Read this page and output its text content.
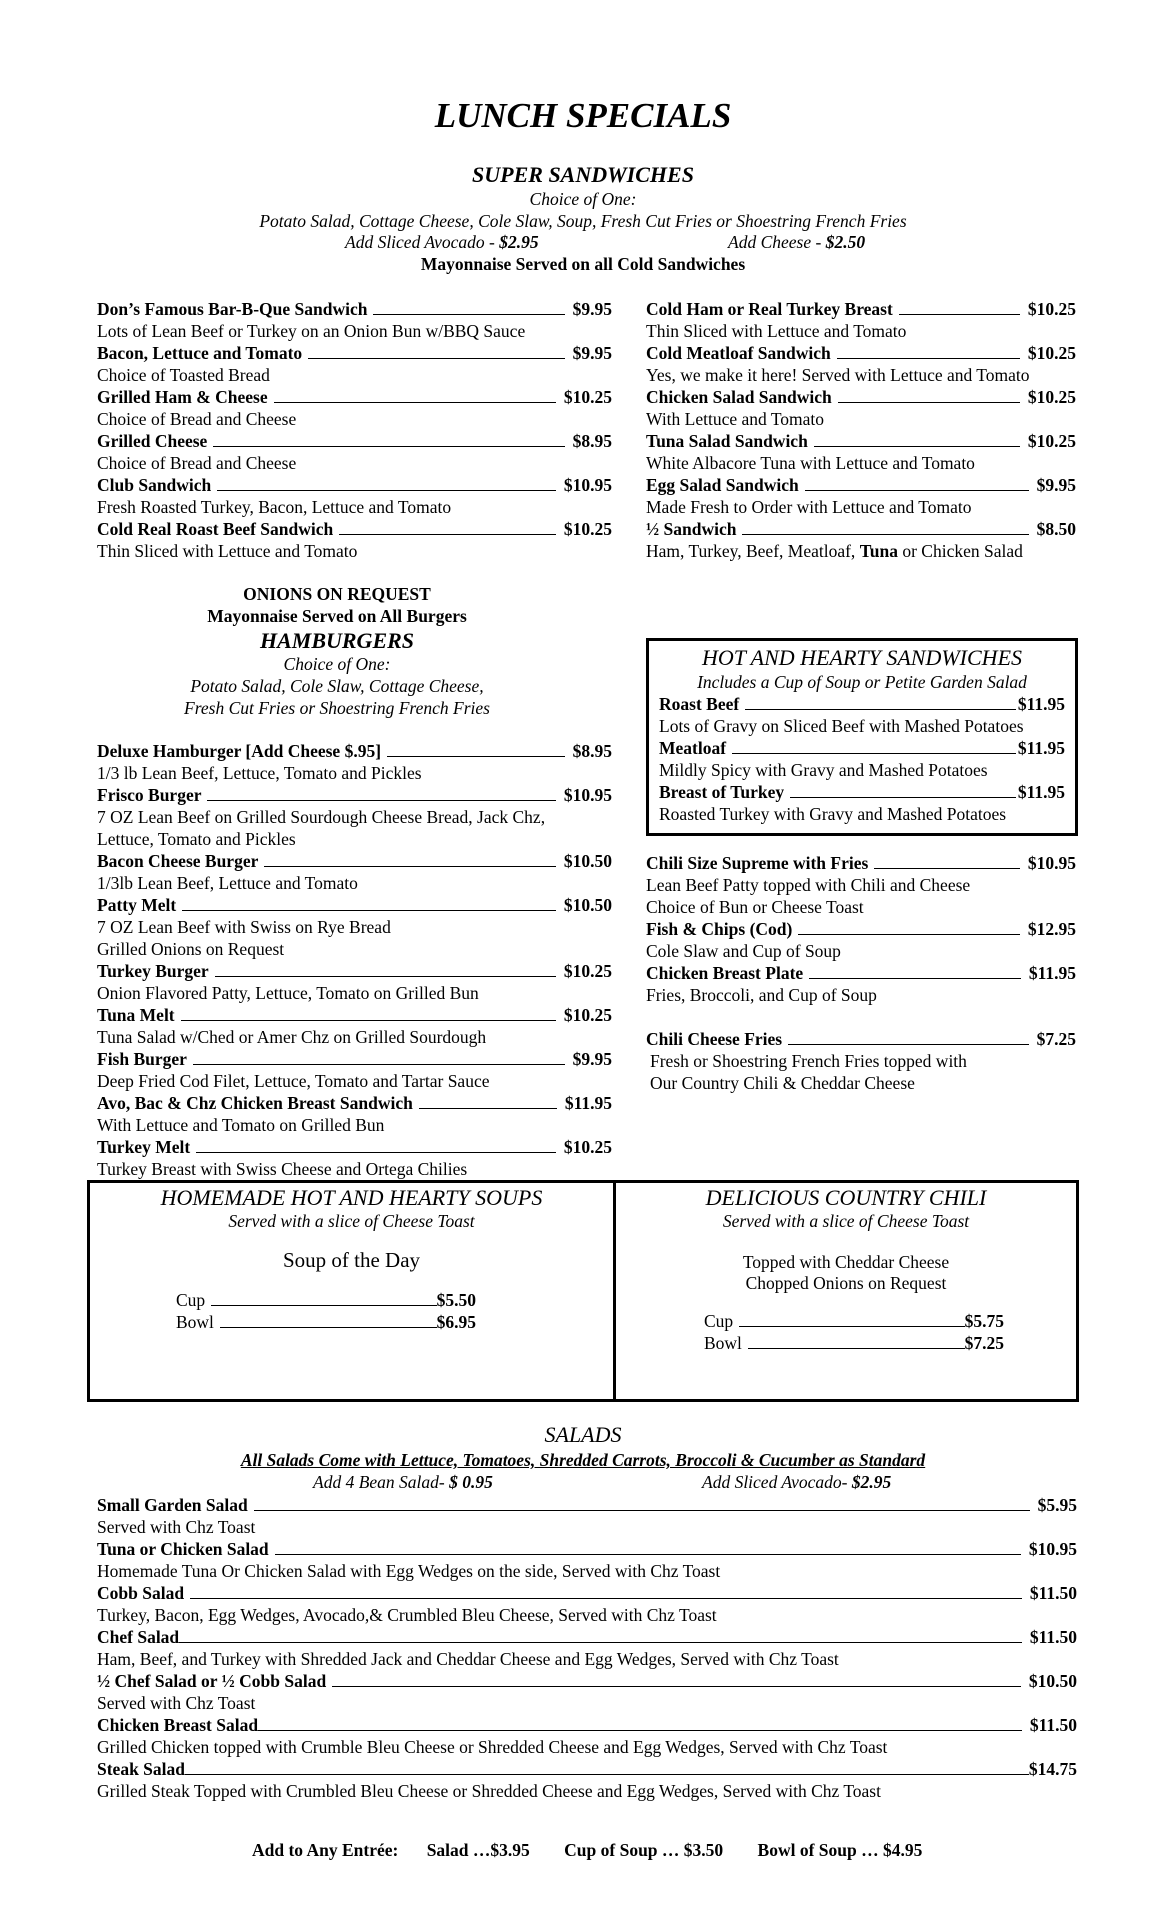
LUNCH SPECIALS
SUPER SANDWICHES
Choice of One:
Potato Salad, Cottage Cheese, Cole Slaw, Soup, Fresh Cut Fries or Shoestring French Fries
Add Sliced Avocado - $2.95	Add Cheese - $2.50
Mayonnaise Served on all Cold Sandwiches
Don’s Famous Bar-B-Que Sandwich	$9.95
Lots of Lean Beef or Turkey on an Onion Bun w/BBQ Sauce
Bacon, Lettuce and Tomato	$9.95
Choice of Toasted Bread
Grilled Ham & Cheese	$10.25
Choice of Bread and Cheese
Grilled Cheese	$8.95
Choice of Bread and Cheese
Club Sandwich	$10.95
Fresh Roasted Turkey, Bacon, Lettuce and Tomato
Cold Real Roast Beef Sandwich	$10.25
Thin Sliced with Lettuce and Tomato
Cold Ham or Real Turkey Breast	$10.25
Thin Sliced with Lettuce and Tomato
Cold Meatloaf Sandwich	$10.25
Yes, we make it here! Served with Lettuce and Tomato
Chicken Salad Sandwich	$10.25
With Lettuce and Tomato
Tuna Salad Sandwich	$10.25
White Albacore Tuna with Lettuce and Tomato
Egg Salad Sandwich	$9.95
Made Fresh to Order with Lettuce and Tomato
½ Sandwich	$8.50
Ham, Turkey, Beef, Meatloaf, Tuna or Chicken Salad
ONIONS ON REQUEST
Mayonnaise Served on All Burgers
HAMBURGERS
Choice of One:
Potato Salad, Cole Slaw, Cottage Cheese,
Fresh Cut Fries or Shoestring French Fries
Deluxe Hamburger [Add Cheese $.95]	$8.95
1/3 lb Lean Beef, Lettuce, Tomato and Pickles
Frisco Burger	$10.95
7 OZ Lean Beef on Grilled Sourdough Cheese Bread, Jack Chz,
Lettuce, Tomato and Pickles
Bacon Cheese Burger	$10.50
1/3lb Lean Beef, Lettuce and Tomato
Patty Melt	$10.50
7 OZ Lean Beef with Swiss on Rye Bread
Grilled Onions on Request
Turkey Burger	$10.25
Onion Flavored Patty, Lettuce, Tomato on Grilled Bun
Tuna Melt	$10.25
Tuna Salad w/Ched or Amer Chz on Grilled Sourdough
Fish Burger	$9.95
Deep Fried Cod Filet, Lettuce, Tomato and Tartar Sauce
Avo, Bac & Chz Chicken Breast Sandwich	$11.95
With Lettuce and Tomato on Grilled Bun
Turkey Melt	$10.25
Turkey Breast with Swiss Cheese and Ortega Chilies
HOT AND HEARTY SANDWICHES
Includes a Cup of Soup or Petite Garden Salad
Roast Beef	$11.95
Lots of Gravy on Sliced Beef with Mashed Potatoes
Meatloaf	$11.95
Mildly Spicy with Gravy and Mashed Potatoes
Breast of Turkey	$11.95
Roasted Turkey with Gravy and Mashed Potatoes
Chili Size Supreme with Fries	$10.95
Lean Beef Patty topped with Chili and Cheese
Choice of Bun or Cheese Toast
Fish & Chips (Cod)	$12.95
Cole Slaw and Cup of Soup
Chicken Breast Plate	$11.95
Fries, Broccoli, and Cup of Soup
Chili Cheese Fries	$7.25
Fresh or Shoestring French Fries topped with
Our Country Chili & Cheddar Cheese
HOMEMADE HOT AND HEARTY SOUPS
Served with a slice of Cheese Toast
Soup of the Day
Cup	$5.50
Bowl	$6.95
DELICIOUS COUNTRY CHILI
Served with a slice of Cheese Toast
Topped with Cheddar Cheese
Chopped Onions on Request
Cup	$5.75
Bowl	$7.25
SALADS
All Salads Come with Lettuce, Tomatoes, Shredded Carrots, Broccoli & Cucumber as Standard
Add 4 Bean Salad- $ 0.95	Add Sliced Avocado- $2.95
Small Garden Salad	$5.95
Served with Chz Toast
Tuna or Chicken Salad	$10.95
Homemade Tuna Or Chicken Salad with Egg Wedges on the side, Served with Chz Toast
Cobb Salad	$11.50
Turkey, Bacon, Egg Wedges, Avocado,& Crumbled Bleu Cheese, Served with Chz Toast
Chef Salad	$11.50
Ham, Beef, and Turkey with Shredded Jack and Cheddar Cheese and Egg Wedges, Served with Chz Toast
½ Chef Salad or ½ Cobb Salad	$10.50
Served with Chz Toast
Chicken Breast Salad	$11.50
Grilled Chicken topped with Crumble Bleu Cheese or Shredded Cheese and Egg Wedges, Served with Chz Toast
Steak Salad	$14.75
Grilled Steak Topped with Crumbled Bleu Cheese or Shredded Cheese and Egg Wedges, Served with Chz Toast
Add to Any Entrée: Salad …$3.95 Cup of Soup … $3.50 Bowl of Soup … $4.95
